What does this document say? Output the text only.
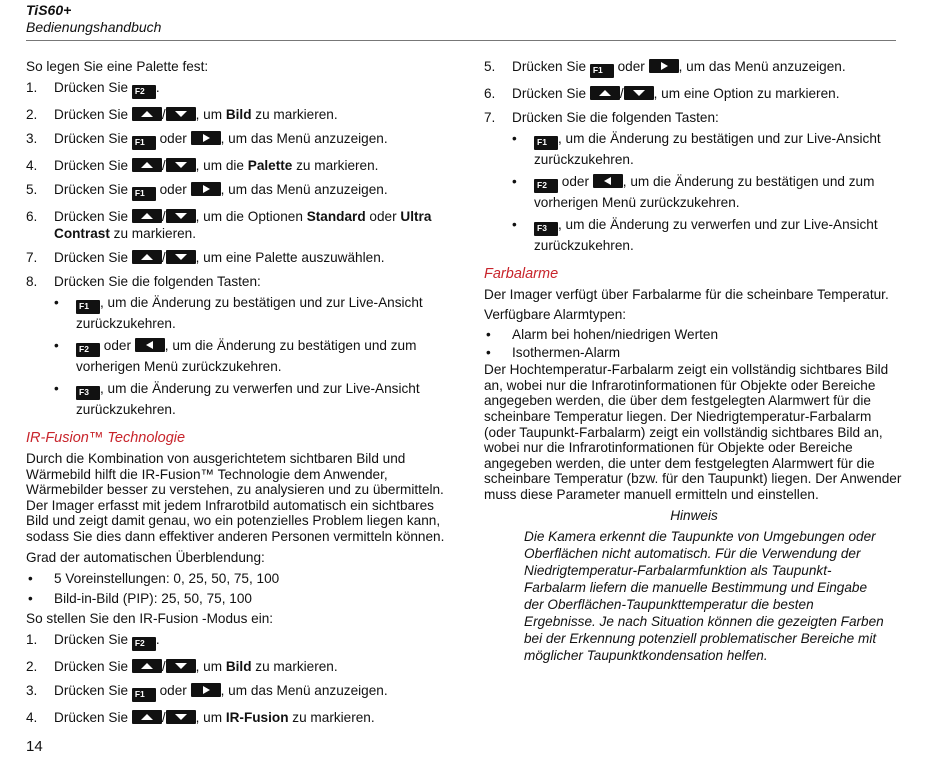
TiS60+
Bedienungshandbuch

So legen Sie eine Palette fest:

1. Drücken Sie F2 .
2. Drücken Sie / , um Bild zu markieren.
3. Drücken Sie F1 oder , um das Menü anzuzeigen.
4. Drücken Sie / , um die Palette zu markieren.
5. Drücken Sie F1 oder , um das Menü anzuzeigen.
6. Drücken Sie / , um die Optionen Standard oder Ultra Contrast zu markieren.
7. Drücken Sie / , um eine Palette auszuwählen.
8. Drücken Sie die folgenden Tasten:
• F1 , um die Änderung zu bestätigen und zur Live-Ansicht zurückzukehren.
• F2 oder , um die Änderung zu bestätigen und zum vorherigen Menü zurückzukehren.
• F3 , um die Änderung zu verwerfen und zur Live-Ansicht zurückzukehren.
IR-Fusion™ Technologie

Durch die Kombination von ausgerichtetem sichtbaren Bild und Wärmebild hilft die IR-Fusion™ Technologie dem Anwender, Wärmebilder besser zu verstehen, zu analysieren und zu übermitteln. Der Imager erfasst mit jedem Infrarotbild automatisch ein sichtbares Bild und zeigt damit genau, wo ein potenzielles Problem liegen kann, sodass Sie dies dann effektiver anderen Personen vermitteln können.

Grad der automatischen Überblendung:

• 5 Voreinstellungen: 0, 25, 50, 75, 100
• Bild-in-Bild (PIP): 25, 50, 75, 100

So stellen Sie den IR-Fusion -Modus ein:

1. Drücken Sie F2 .
2. Drücken Sie / , um Bild zu markieren.
3. Drücken Sie F1 oder , um das Menü anzuzeigen.
4. Drücken Sie / , um IR-Fusion zu markieren.
5. Drücken Sie F1 oder , um das Menü anzuzeigen.
6. Drücken Sie / , um eine Option zu markieren.
7. Drücken Sie die folgenden Tasten:
• F1 , um die Änderung zu bestätigen und zur Live-Ansicht zurückzukehren.
• F2 oder , um die Änderung zu bestätigen und zum vorherigen Menü zurückzukehren.
• F3 , um die Änderung zu verwerfen und zur Live-Ansicht zurückzukehren.
Farbalarme

Der Imager verfügt über Farbalarme für die scheinbare Temperatur.

Verfügbare Alarmtypen:

• Alarm bei hohen/niedrigen Werten
• Isothermen-Alarm

Der Hochtemperatur-Farbalarm zeigt ein vollständig sichtbares Bild an, wobei nur die Infrarotinformationen für Objekte oder Bereiche angegeben werden, die über dem festgelegten Alarmwert für die scheinbare Temperatur liegen. Der Niedrigtemperatur-Farbalarm (oder Taupunkt-Farbalarm) zeigt ein vollständig sichtbares Bild an, wobei nur die Infrarotinformationen für Objekte oder Bereiche angegeben werden, die unter dem festgelegten Alarmwert für die scheinbare Temperatur (bzw. für den Taupunkt) liegen. Der Anwender muss diese Parameter manuell ermitteln und einstellen.

Hinweis
Die Kamera erkennt die Taupunkte von Umgebungen oder Oberflächen nicht automatisch. Für die Verwendung der Niedrigtemperatur-Farbalarmfunktion als Taupunkt-Farbalarm liefern die manuelle Bestimmung und Eingabe der Oberflächen-Taupunkttemperatur die besten Ergebnisse. Je nach Situation können die gezeigten Farben bei der Erkennung potenziell problematischer Bereiche mit möglicher Taupunktkondensation helfen.
14
